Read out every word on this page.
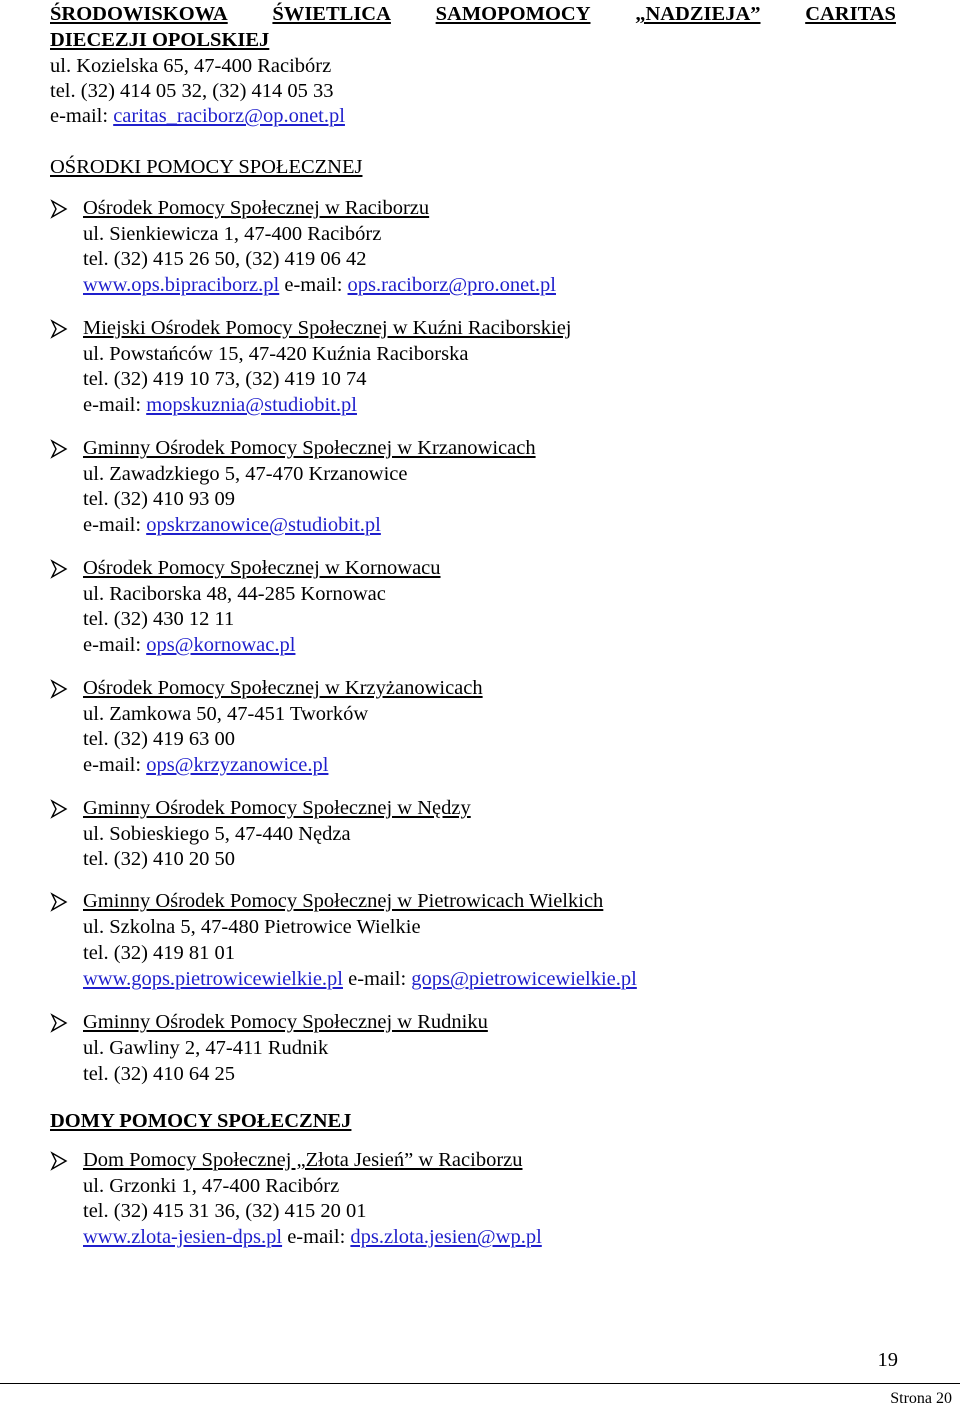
ŚRODOWISKOWA ŚWIETLICA SAMOPOMOCY „NADZIEJA” CARITAS
DIECEZJI OPOLSKIEJ
ul. Kozielska 65, 47-400 Racibórz
tel. (32) 414 05 32, (32) 414 05 33
e-mail: caritas_raciborz@op.onet.pl
OŚRODKI POMOCY SPOŁECZNEJ
Ośrodek Pomocy Społecznej w Raciborzu
ul. Sienkiewicza 1, 47-400 Racibórz
tel. (32) 415 26 50, (32) 419 06 42
www.ops.bipraciborz.pl e-mail: ops.raciborz@pro.onet.pl
Miejski Ośrodek Pomocy Społecznej w Kuźni Raciborskiej
ul. Powstańców 15, 47-420 Kuźnia Raciborska
tel. (32) 419 10 73, (32) 419 10 74
e-mail: mopskuznia@studiobit.pl
Gminny Ośrodek Pomocy Społecznej w Krzanowicach
ul. Zawadzkiego 5, 47-470 Krzanowice
tel. (32) 410 93 09
e-mail: opskrzanowice@studiobit.pl
Ośrodek Pomocy Społecznej w Kornowacu
ul. Raciborska 48, 44-285 Kornowac
tel. (32) 430 12 11
e-mail: ops@kornowac.pl
Ośrodek Pomocy Społecznej w Krzyżanowicach
ul. Zamkowa 50, 47-451 Tworków
tel. (32) 419 63 00
e-mail: ops@krzyzanowice.pl
Gminny Ośrodek Pomocy Społecznej w Nędzy
ul. Sobieskiego 5, 47-440 Nędza
tel. (32) 410 20 50
Gminny Ośrodek Pomocy Społecznej w Pietrowicach Wielkich
ul. Szkolna 5, 47-480 Pietrowice Wielkie
tel. (32) 419 81 01
www.gops.pietrowicewielkie.pl e-mail: gops@pietrowicewielkie.pl
Gminny Ośrodek Pomocy Społecznej w Rudniku
ul. Gawliny 2, 47-411 Rudnik
tel. (32) 410 64 25
DOMY POMOCY SPOŁECZNEJ
Dom Pomocy Społecznej „Złota Jesień” w Raciborzu
ul. Grzonki 1, 47-400 Racibórz
tel. (32) 415 31 36, (32) 415 20 01
www.zlota-jesien-dps.pl e-mail: dps.zlota.jesien@wp.pl
19
Strona 20
